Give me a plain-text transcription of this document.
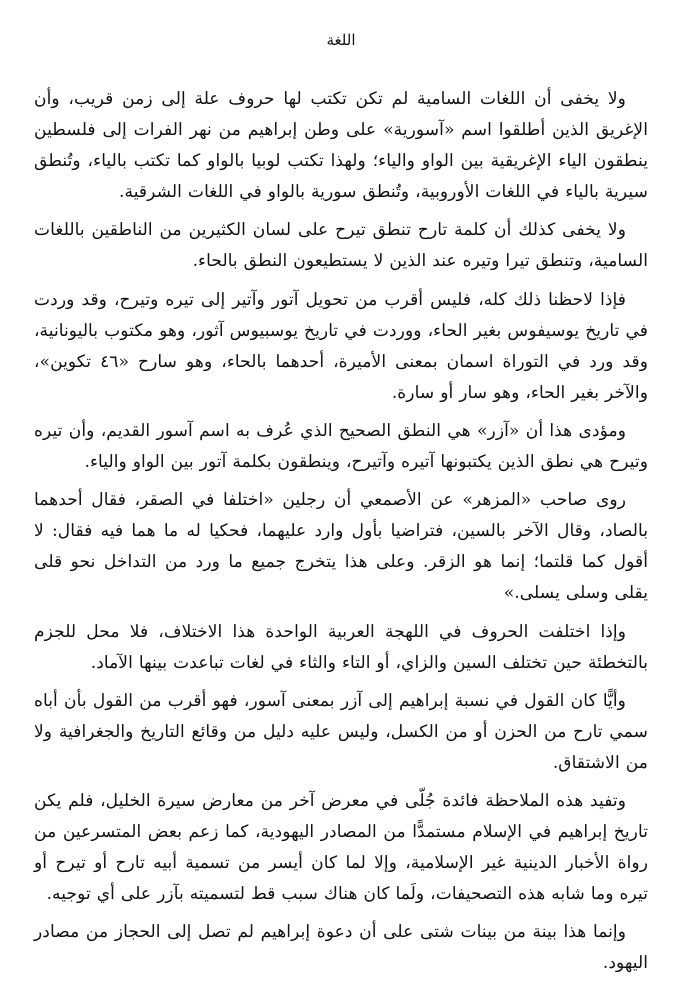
اللغة

ولا يخفى أن اللغات السامية لم تكن تكتب لها حروف علة إلى زمن قريب، وأن الإغريق الذين أطلقوا اسم «آسورية» على وطن إبراهيم من نهر الفرات إلى فلسطين ينطقون الياء الإغريقية بين الواو والياء؛ ولهذا تكتب لوبيا بالواو كما تكتب بالياء، وتُنطق سيرية بالياء في اللغات الأوروبية، وتُنطق سورية بالواو في اللغات الشرقية.

ولا يخفى كذلك أن كلمة تارح تنطق تيرح على لسان الكثيرين من الناطقين باللغات السامية، وتنطق تيرا وتيره عند الذين لا يستطيعون النطق بالحاء.

فإذا لاحظنا ذلك كله، فليس أقرب من تحويل آتور وآتير إلى تيره وتيرح، وقد وردت في تاريخ يوسيفوس بغير الحاء، ووردت في تاريخ يوسبيوس آثور، وهو مكتوب باليونانية، وقد ورد في التوراة اسمان بمعنى الأميرة، أحدهما بالحاء، وهو سارح «٤٦ تكوين»، والآخر بغير الحاء، وهو سار أو سارة.

ومؤدى هذا أن «آزر» هي النطق الصحيح الذي عُرف به اسم آسور القديم، وأن تيره وتيرح هي نطق الذين يكتبونها آتيره وآتيرح، وينطقون بكلمة آتور بين الواو والياء.

روى صاحب «المزهر» عن الأصمعي أن رجلين «اختلفا في الصقر، فقال أحدهما بالصاد، وقال الآخر بالسين، فتراضيا بأول وارد عليهما، فحكيا له ما هما فيه فقال: لا أقول كما قلتما؛ إنما هو الزقر. وعلى هذا يتخرج جميع ما ورد من التداخل نحو قلى يقلى وسلى يسلى.»

وإذا اختلفت الحروف في اللهجة العربية الواحدة هذا الاختلاف، فلا محل للجزم بالتخطئة حين تختلف السين والزاي، أو التاء والثاء في لغات تباعدت بينها الآماد.

وأيًّا كان القول في نسبة إبراهيم إلى آزر بمعنى آسور، فهو أقرب من القول بأن أباه سمي تارح من الحزن أو من الكسل، وليس عليه دليل من وقائع التاريخ والجغرافية ولا من الاشتقاق.

وتفيد هذه الملاحظة فائدة جُلّى في معرض آخر من معارض سيرة الخليل، فلم يكن تاريخ إبراهيم في الإسلام مستمدًّا من المصادر اليهودية، كما زعم بعض المتسرعين من رواة الأخبار الدينية غير الإسلامية، وإلا لما كان أيسر من تسمية أبيه تارح أو تيرح أو تيره وما شابه هذه التصحيفات، ولَما كان هناك سبب قط لتسميته بآزر على أي توجيه.

وإنما هذا بينة من بينات شتى على أن دعوة إبراهيم لم تصل إلى الحجاز من مصادر اليهود.
